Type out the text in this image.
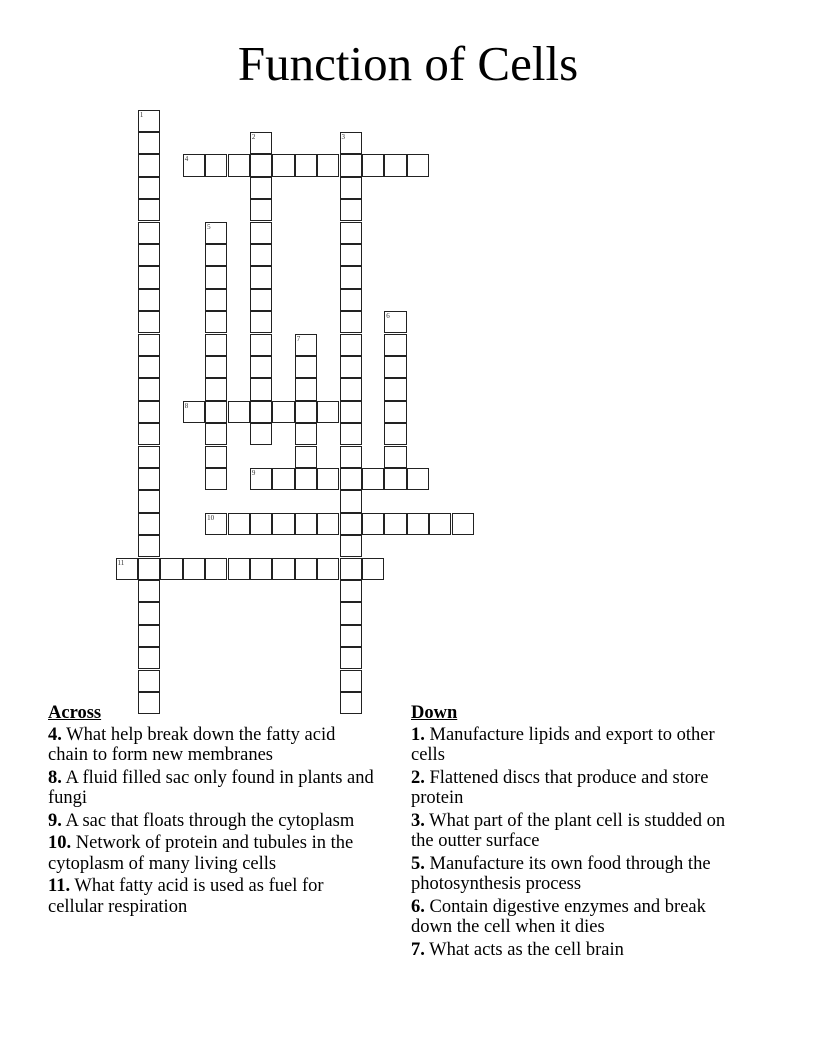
Function of Cells
1
2	3
4
5
6
7
8
9
10
11
Across
4. What help break down the fatty acid chain to form new membranes
8. A fluid filled sac only found in plants and fungi
9. A sac that floats through the cytoplasm
10. Network of protein and tubules in the cytoplasm of many living cells
11. What fatty acid is used as fuel for cellular respiration
Down
1. Manufacture lipids and export to other cells
2. Flattened discs that produce and store protein
3. What part of the plant cell is studded on the outter surface
5. Manufacture its own food through the photosynthesis process
6. Contain digestive enzymes and break down the cell when it dies
7. What acts as the cell brain
